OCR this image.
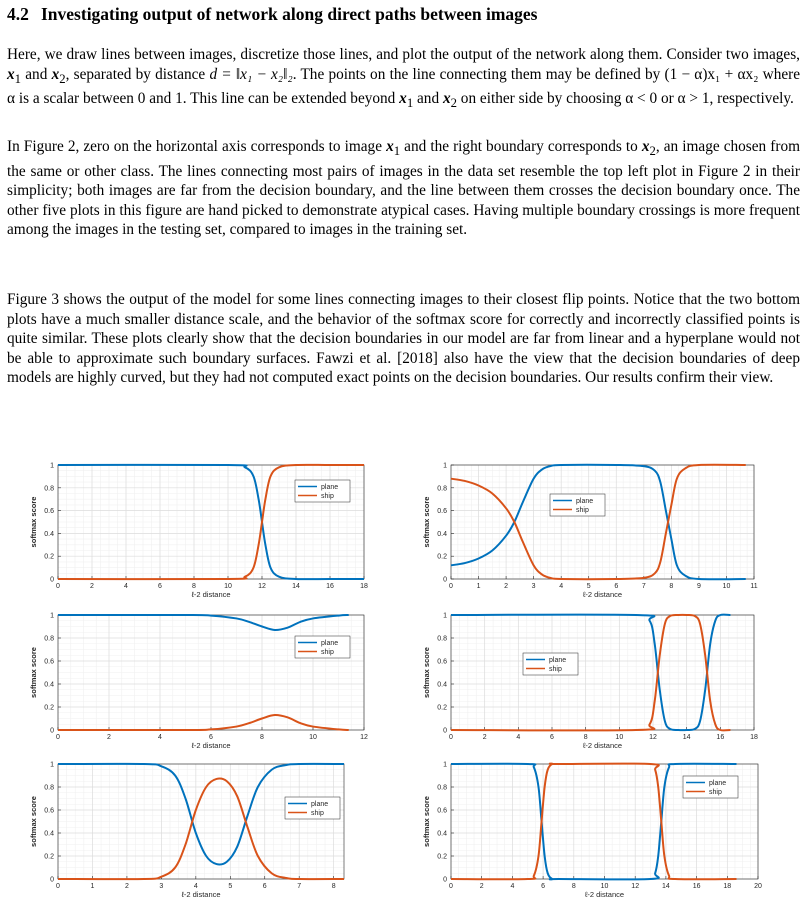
4.2 Investigating output of network along direct paths between images

Here, we draw lines between images, discretize those lines, and plot the output of the network along them. Consider two images, $x_1$ and $x_2$, separated by distance d = ‖x₁ − x₂‖₂. The points on the line connecting them may be defined by (1 − α)x₁ + αx₂ where α is a scalar between 0 and 1. This line can be extended beyond $x_1$ and $x_2$ on either side by choosing α < 0 or α > 1, respectively.

In Figure 2, zero on the horizontal axis corresponds to image $x_1$ and the right boundary corresponds to $x_2$, an image chosen from the same or other class. The lines connecting most pairs of images in the data set resemble the top left plot in Figure 2 in their simplicity; both images are far from the decision boundary, and the line between them crosses the decision boundary once. The other five plots in this figure are hand picked to demonstrate atypical cases. Having multiple boundary crossings is more frequent among the images in the testing set, compared to images in the training set.

Figure 3 shows the output of the model for some lines connecting images to their closest flip points. Notice that the two bottom plots have a much smaller distance scale, and the behavior of the softmax score for correctly and incorrectly classified points is quite similar. These plots clearly show that the decision boundaries in our model are far from linear and a hyperplane would not be able to approximate such boundary surfaces. Fawzi et al. [2018] also have the view that the decision boundaries of deep models are highly curved, but they had not computed exact points on the decision boundaries. Our results confirm their view.

0	2	4	6	8	10	12	14	16	18
0
0.2
0.4
0.6
0.8
1
ℓ-2 distance
softmax score
plane
ship
0	1	2	3	4	5	6	7	8	9	10	11
0
0.2
0.4
0.6
0.8
1
ℓ-2 distance
softmax score	plane
ship
0	2	4	6	8	10	12
0
0.2
0.4
0.6
0.8
1
ℓ-2 distance
softmax score
plane
ship
0	2	4	6	8	10	12	14	16	18
0
0.2
0.4
0.6
0.8
1
ℓ-2 distance
softmax score	plane
ship
0	1	2	3	4	5	6	7	8
0
0.2
0.4
0.6
0.8
1
ℓ-2 distance
softmax score	plane
ship
0	2	4	6	8	10	12	14	16	18	20
0
0.2
0.4
0.6
0.8
1
ℓ-2 distance
softmax score
plane
ship
